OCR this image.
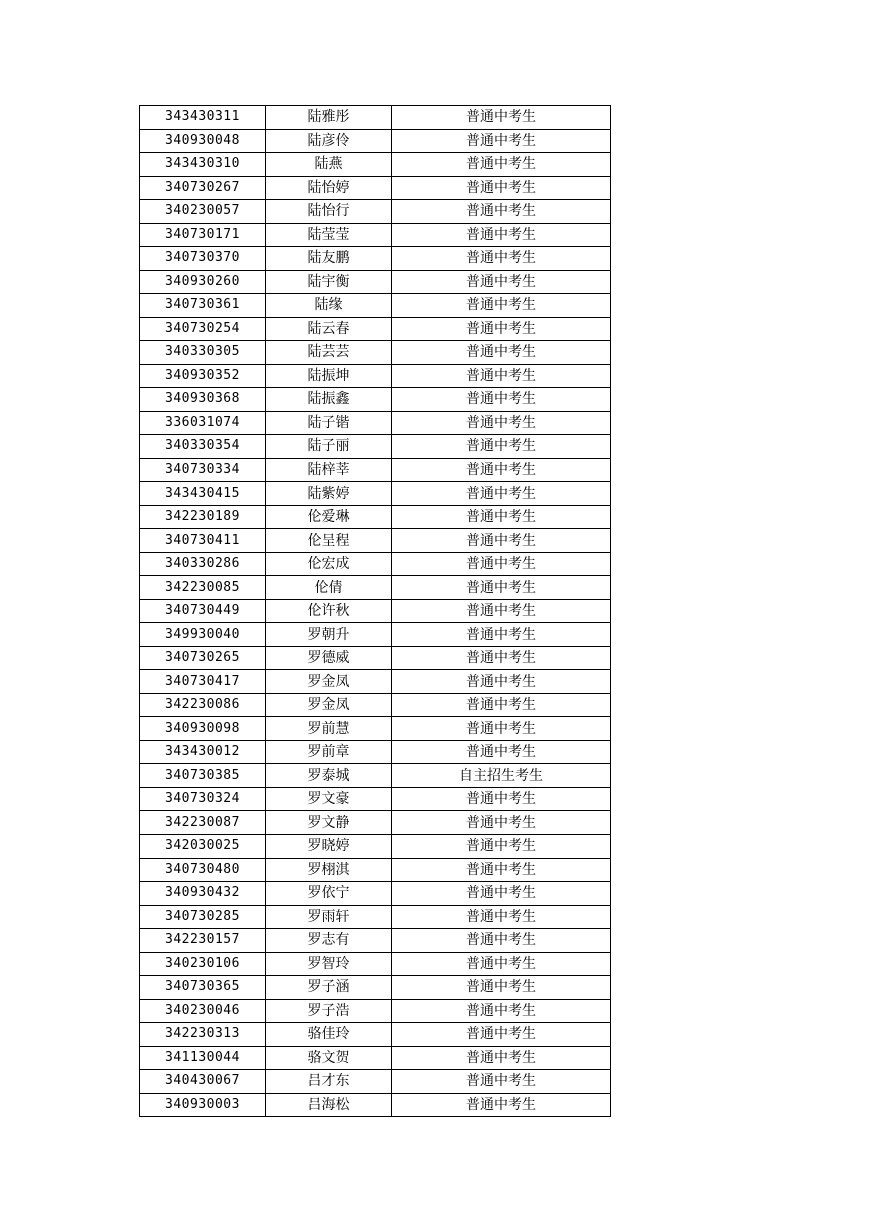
343430311	陆雅彤	普通中考生
340930048	陆彦伶	普通中考生
343430310	陆燕	普通中考生
340730267	陆怡婷	普通中考生
340230057	陆怡行	普通中考生
340730171	陆莹莹	普通中考生
340730370	陆友鹏	普通中考生
340930260	陆宇衡	普通中考生
340730361	陆缘	普通中考生
340730254	陆云春	普通中考生
340330305	陆芸芸	普通中考生
340930352	陆振坤	普通中考生
340930368	陆振鑫	普通中考生
336031074	陆子锴	普通中考生
340330354	陆子丽	普通中考生
340730334	陆梓莘	普通中考生
343430415	陆紫婷	普通中考生
342230189	伦爱琳	普通中考生
340730411	伦呈程	普通中考生
340330286	伦宏成	普通中考生
342230085	伦倩	普通中考生
340730449	伦许秋	普通中考生
349930040	罗朝升	普通中考生
340730265	罗德威	普通中考生
340730417	罗金凤	普通中考生
342230086	罗金凤	普通中考生
340930098	罗前慧	普通中考生
343430012	罗前章	普通中考生
340730385	罗泰城	自主招生考生
340730324	罗文豪	普通中考生
342230087	罗文静	普通中考生
342030025	罗晓婷	普通中考生
340730480	罗栩淇	普通中考生
340930432	罗依宁	普通中考生
340730285	罗雨轩	普通中考生
342230157	罗志有	普通中考生
340230106	罗智玲	普通中考生
340730365	罗子涵	普通中考生
340230046	罗子浩	普通中考生
342230313	骆佳玲	普通中考生
341130044	骆文贺	普通中考生
340430067	吕才东	普通中考生
340930003	吕海松	普通中考生
